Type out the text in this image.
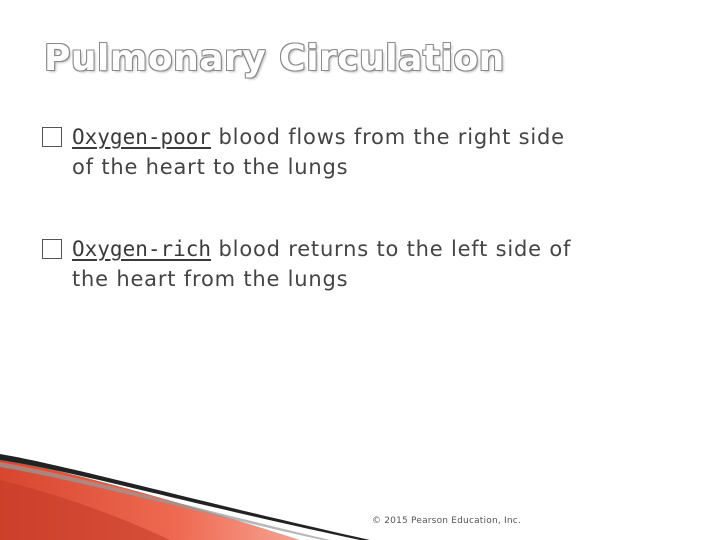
Pulmonary Circulation
Oxygen-poor blood flows from the right side
of the heart to the lungs
Oxygen-rich blood returns to the left side of
the heart from the lungs
© 2015 Pearson Education, Inc.
